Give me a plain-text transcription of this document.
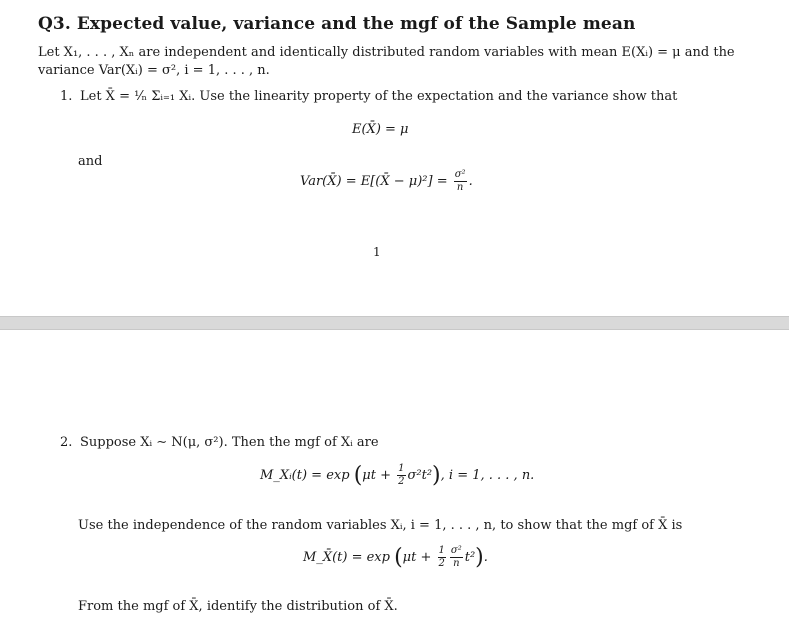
Q3. Expected value, variance and the mgf of the Sample mean
Let X₁, . . . , Xₙ are independent and identically distributed random variables with mean E(Xᵢ) = μ and the
variance Var(Xᵢ) = σ², i = 1, . . . , n.
1. Let X̄ = ¹⁄ₙ Σᵢ₌₁ Xᵢ. Use the linearity property of the expectation and the variance show that
E(X̄) = μ
and
Var(X̄) = E[(X̄ − $\mu)^2] = \frac{\text{σ²}}{n}$ .
1
2. Suppose Xᵢ ∼ N(μ, σ²). Then the mgf of Xᵢ are
M_Xᵢ(t) = $\exp (\mu t + \frac{1}{2} \sigma^2t^2)$, i = 1, . . . , n.
Use the independence of the random variables Xᵢ, i = 1, . . . , n, to show that the mgf of X̄ is
M_X̄(t) = $\exp (\mu t + \frac{1}{2} \frac{\text{σ²}}{n} t^2)$.
From the mgf of X̄, identify the distribution of X̄.
